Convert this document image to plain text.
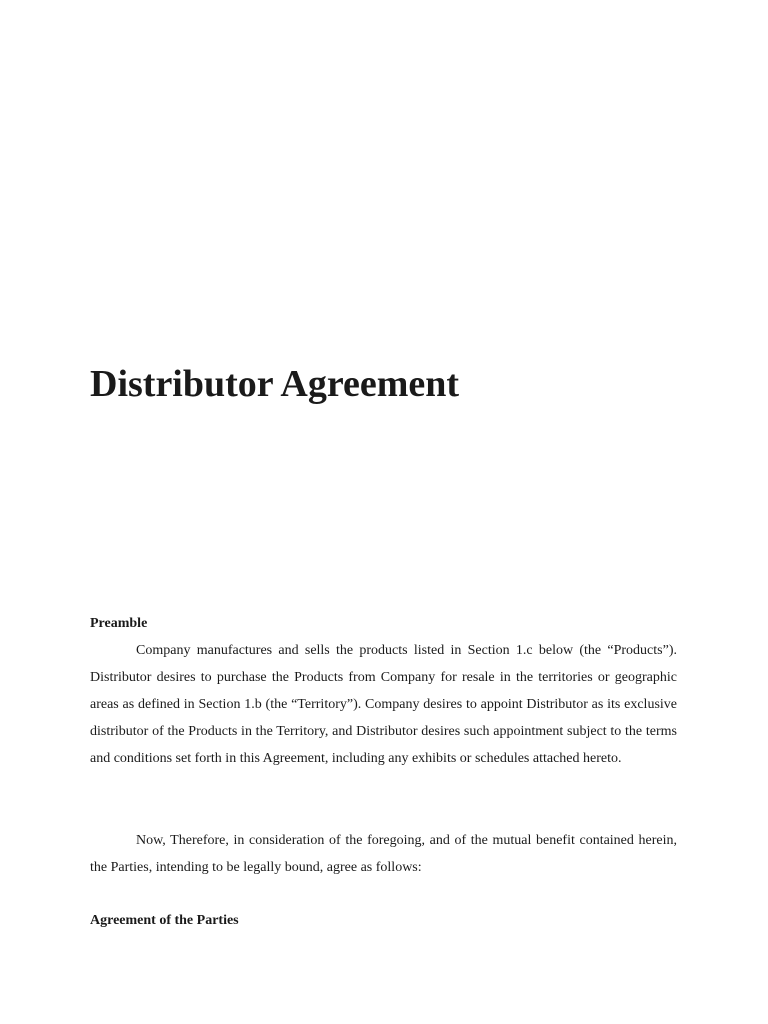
Distributor Agreement
Preamble

Company manufactures and sells the products listed in Section 1.c below (the “Products”). Distributor desires to purchase the Products from Company for resale in the territories or geographic areas as defined in Section 1.b (the “Territory”). Company desires to appoint Distributor as its exclusive distributor of the Products in the Territory, and Distributor desires such appointment subject to the terms and conditions set forth in this Agreement, including any exhibits or schedules attached hereto.

Now, Therefore, in consideration of the foregoing, and of the mutual benefit contained herein, the Parties, intending to be legally bound, agree as follows:

Agreement of the Parties
